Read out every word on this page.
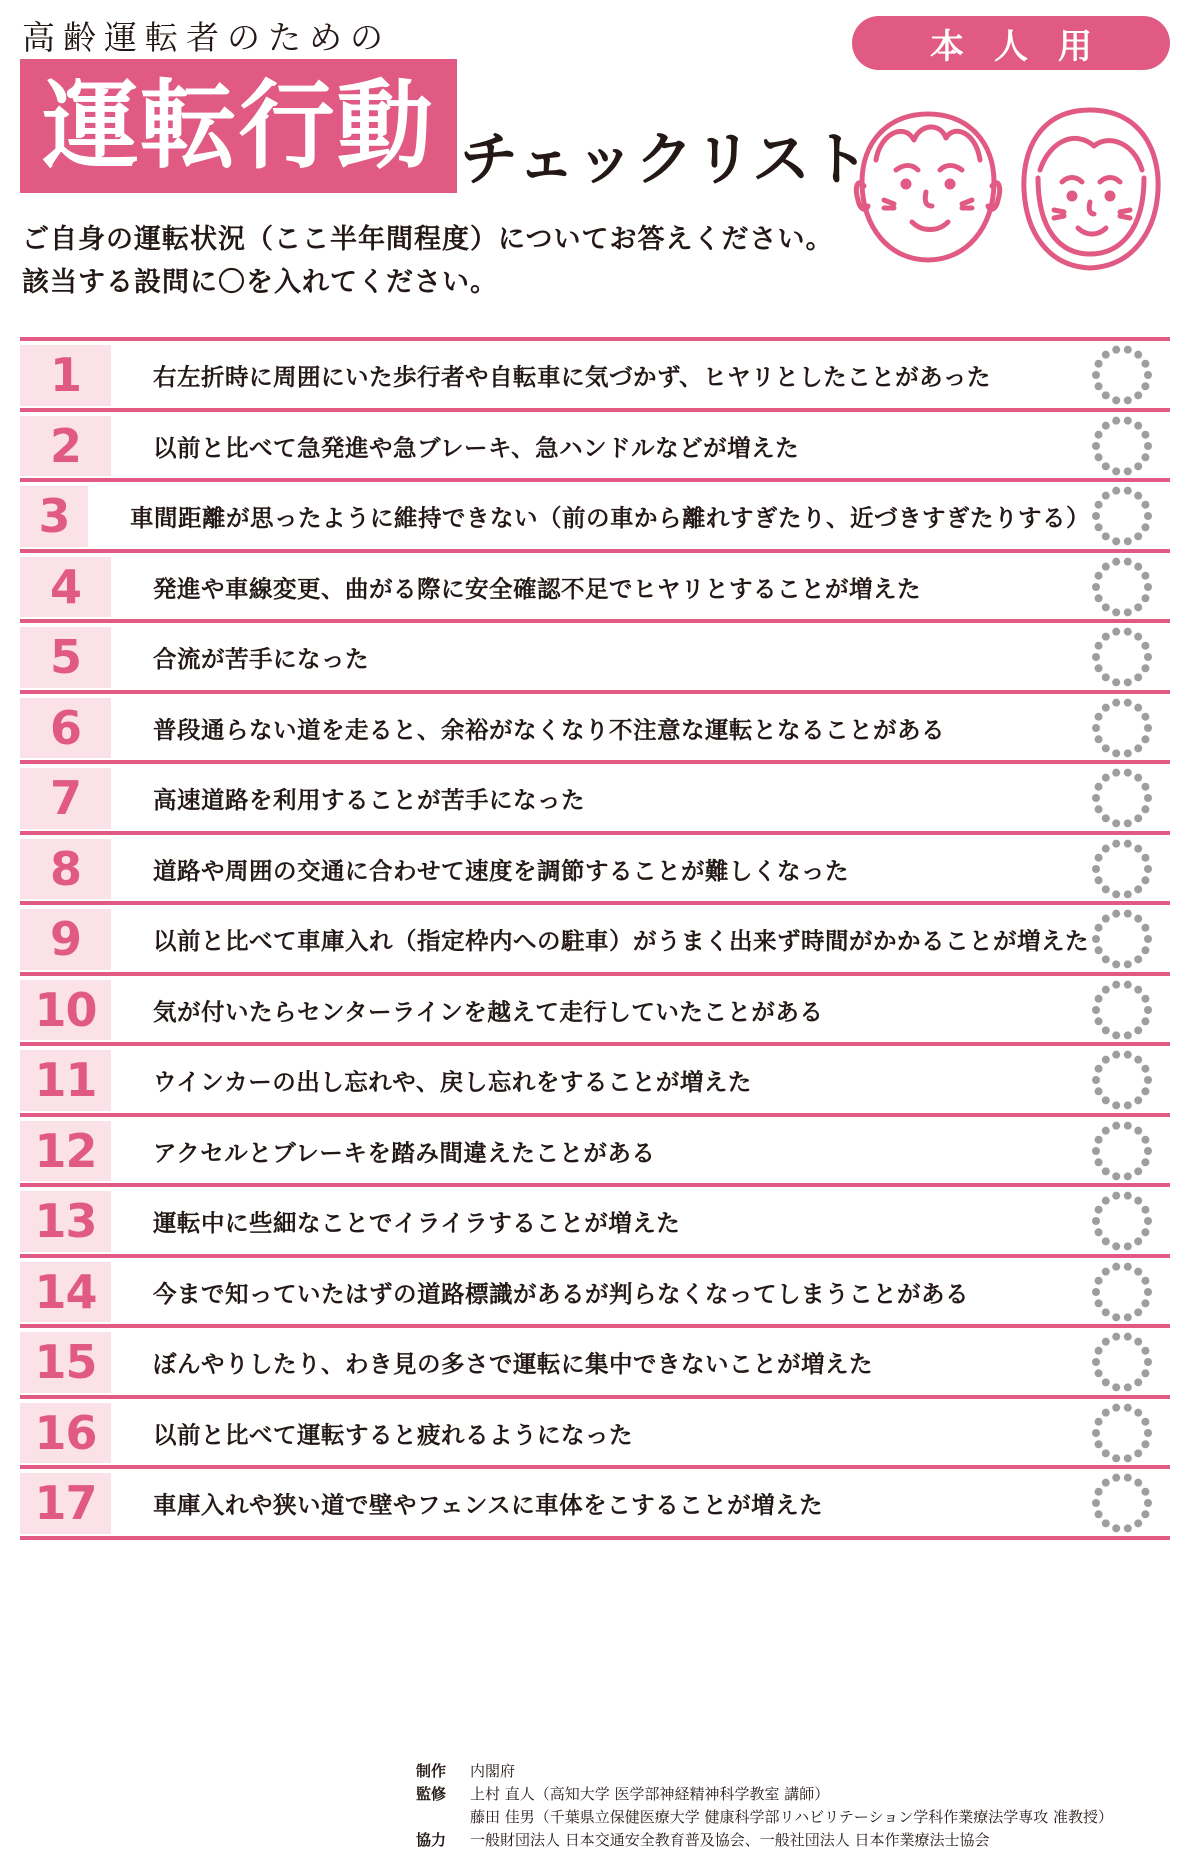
高齢運転者のための
運転行動 チェックリスト
本人用
ご自身の運転状況（ここ半年間程度）についてお答えください。
該当する設問に〇を入れてください。
1	右左折時に周囲にいた歩行者や自転車に気づかず、ヒヤリとしたことがあった
2	以前と比べて急発進や急ブレーキ、急ハンドルなどが増えた
3	車間距離が思ったように維持できない（前の車から離れすぎたり、近づきすぎたりする）
4	発進や車線変更、曲がる際に安全確認不足でヒヤリとすることが増えた
5	合流が苦手になった
6	普段通らない道を走ると、余裕がなくなり不注意な運転となることがある
7	高速道路を利用することが苦手になった
8	道路や周囲の交通に合わせて速度を調節することが難しくなった
9	以前と比べて車庫入れ（指定枠内への駐車）がうまく出来ず時間がかかることが増えた
10	気が付いたらセンターラインを越えて走行していたことがある
11	ウインカーの出し忘れや、戻し忘れをすることが増えた
12	アクセルとブレーキを踏み間違えたことがある
13	運転中に些細なことでイライラすることが増えた
14	今まで知っていたはずの道路標識があるが判らなくなってしまうことがある
15	ぼんやりしたり、わき見の多さで運転に集中できないことが増えた
16	以前と比べて運転すると疲れるようになった
17	車庫入れや狭い道で壁やフェンスに車体をこすることが増えた
制作	内閣府
監修	上村 直人（高知大学 医学部神経精神科学教室 講師）
藤田 佳男（千葉県立保健医療大学 健康科学部リハビリテーション学科作業療法学専攻 准教授）
協力	一般財団法人 日本交通安全教育普及協会、一般社団法人 日本作業療法士協会
